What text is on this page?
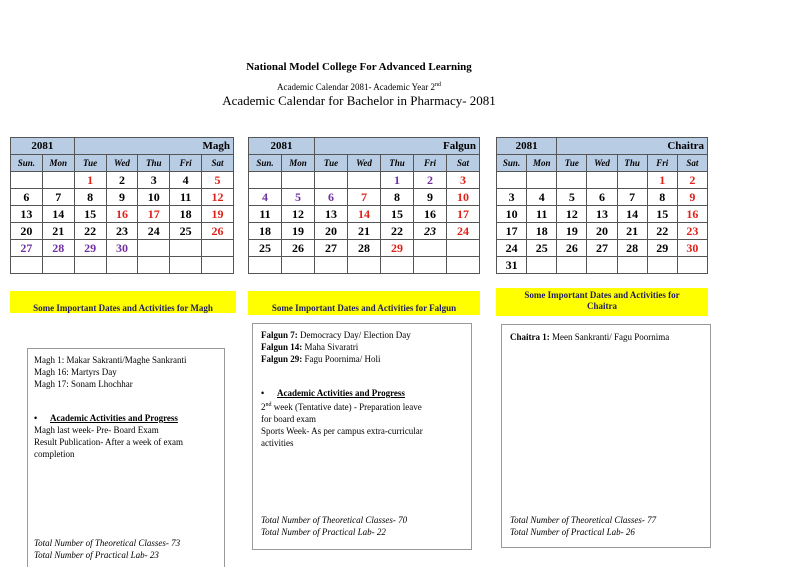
National Model College For Advanced Learning
Academic Calendar 2081- Academic Year 2nd
Academic Calendar for Bachelor in Pharmacy- 2081
2081		Magh				
Sun.	Mon	Tue	Wed	Thu	Fri	Sat
		1	2	3	4	5
6	7	8	9	10	11	12
13	14	15	16	17	18	19
20	21	22	23	24	25	26
27	28	29	30			

2081		Falgun				
Sun.	Mon	Tue	Wed	Thu	Fri	Sat
				1	2	3
4	5	6	7	8	9	10
11	12	13	14	15	16	17
18	19	20	21	22	23	24
25	26	27	28	29		

2081		Chaitra				
Sun.	Mon	Tue	Wed	Thu	Fri	Sat
					1	2
3	4	5	6	7	8	9
10	11	12	13	14	15	16
17	18	19	20	21	22	23
24	25	26	27	28	29	30
31						
Some Important Dates and Activities for Magh	Some Important Dates and Activities for Falgun
Some Important Dates and Activities for
Chaitra
Magh 1: Makar Sakranti/Maghe Sankranti
Magh 16: Martyrs Day
Magh 17: Sonam Lhochhar
• Academic Activities and Progress
Magh last week- Pre- Board Exam
Result Publication- After a week of exam
completion
Total Number of Theoretical Classes- 73
Total Number of Practical Lab- 23
Falgun 7: Democracy Day/ Election Day
Falgun 14: Maha Sivaratri
Falgun 29: Fagu Poornima/ Holi
• Academic Activities and Progress
2nd week (Tentative date) - Preparation leave
for board exam
Sports Week- As per campus extra-curricular
activities
Total Number of Theoretical Classes- 70
Total Number of Practical Lab- 22
Chaitra 1: Meen Sankranti/ Fagu Poornima
Total Number of Theoretical Classes- 77
Total Number of Practical Lab- 26
